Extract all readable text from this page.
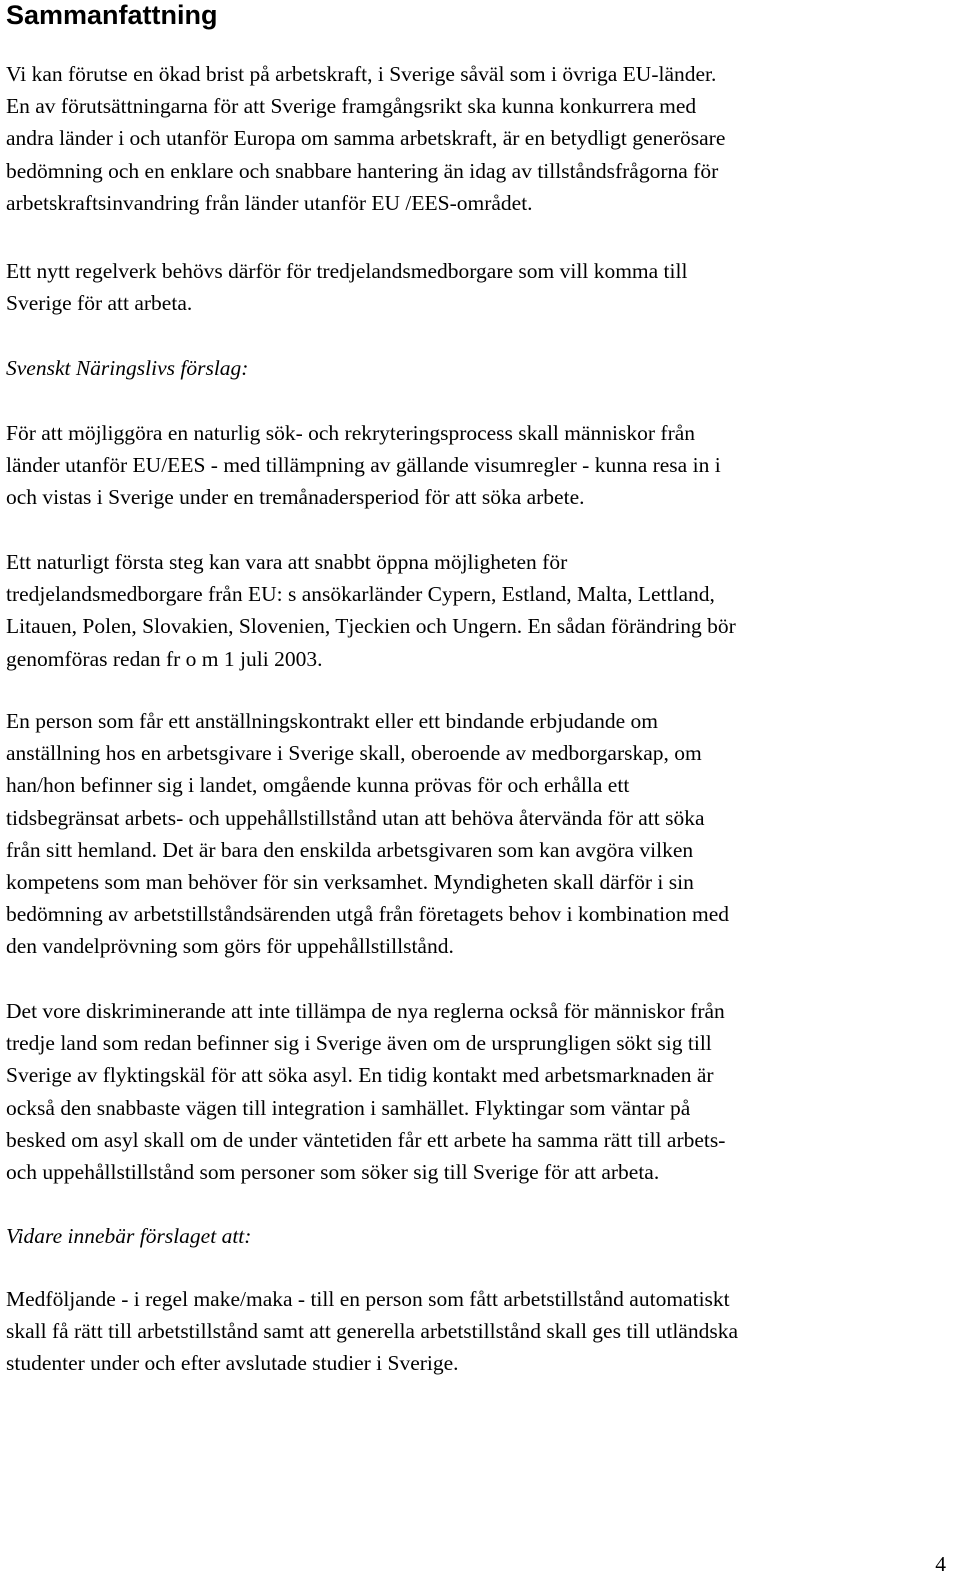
Sammanfattning
Vi kan förutse en ökad brist på arbetskraft, i Sverige såväl som i övriga EU-länder.
En av förutsättningarna för att Sverige framgångsrikt ska kunna konkurrera med
andra länder i och utanför Europa om samma arbetskraft, är en betydligt generösare
bedömning och en enklare och snabbare hantering än idag av tillståndsfrågorna för
arbetskraftsinvandring från länder utanför EU /EES-området.
Ett nytt regelverk behövs därför för tredjelandsmedborgare som vill komma till
Sverige för att arbeta.
Svenskt Näringslivs förslag:
För att möjliggöra en naturlig sök- och rekryteringsprocess skall människor från
länder utanför EU/EES - med tillämpning av gällande visumregler - kunna resa in i
och vistas i Sverige under en tremånadersperiod för att söka arbete.
Ett naturligt första steg kan vara att snabbt öppna möjligheten för
tredjelandsmedborgare från EU: s ansökarländer Cypern, Estland, Malta, Lettland,
Litauen, Polen, Slovakien, Slovenien, Tjeckien och Ungern. En sådan förändring bör
genomföras redan fr o m 1 juli 2003.
En person som får ett anställningskontrakt eller ett bindande erbjudande om
anställning hos en arbetsgivare i Sverige skall, oberoende av medborgarskap, om
han/hon befinner sig i landet, omgående kunna prövas för och erhålla ett
tidsbegränsat arbets- och uppehållstillstånd utan att behöva återvända för att söka
från sitt hemland. Det är bara den enskilda arbetsgivaren som kan avgöra vilken
kompetens som man behöver för sin verksamhet. Myndigheten skall därför i sin
bedömning av arbetstillståndsärenden utgå från företagets behov i kombination med
den vandelprövning som görs för uppehållstillstånd.
Det vore diskriminerande att inte tillämpa de nya reglerna också för människor från
tredje land som redan befinner sig i Sverige även om de ursprungligen sökt sig till
Sverige av flyktingskäl för att söka asyl. En tidig kontakt med arbetsmarknaden är
också den snabbaste vägen till integration i samhället. Flyktingar som väntar på
besked om asyl skall om de under väntetiden får ett arbete ha samma rätt till arbets-
och uppehållstillstånd som personer som söker sig till Sverige för att arbeta.
Vidare innebär förslaget att:
Medföljande - i regel make/maka - till en person som fått arbetstillstånd automatiskt
skall få rätt till arbetstillstånd samt att generella arbetstillstånd skall ges till utländska
studenter under och efter avslutade studier i Sverige.
4
